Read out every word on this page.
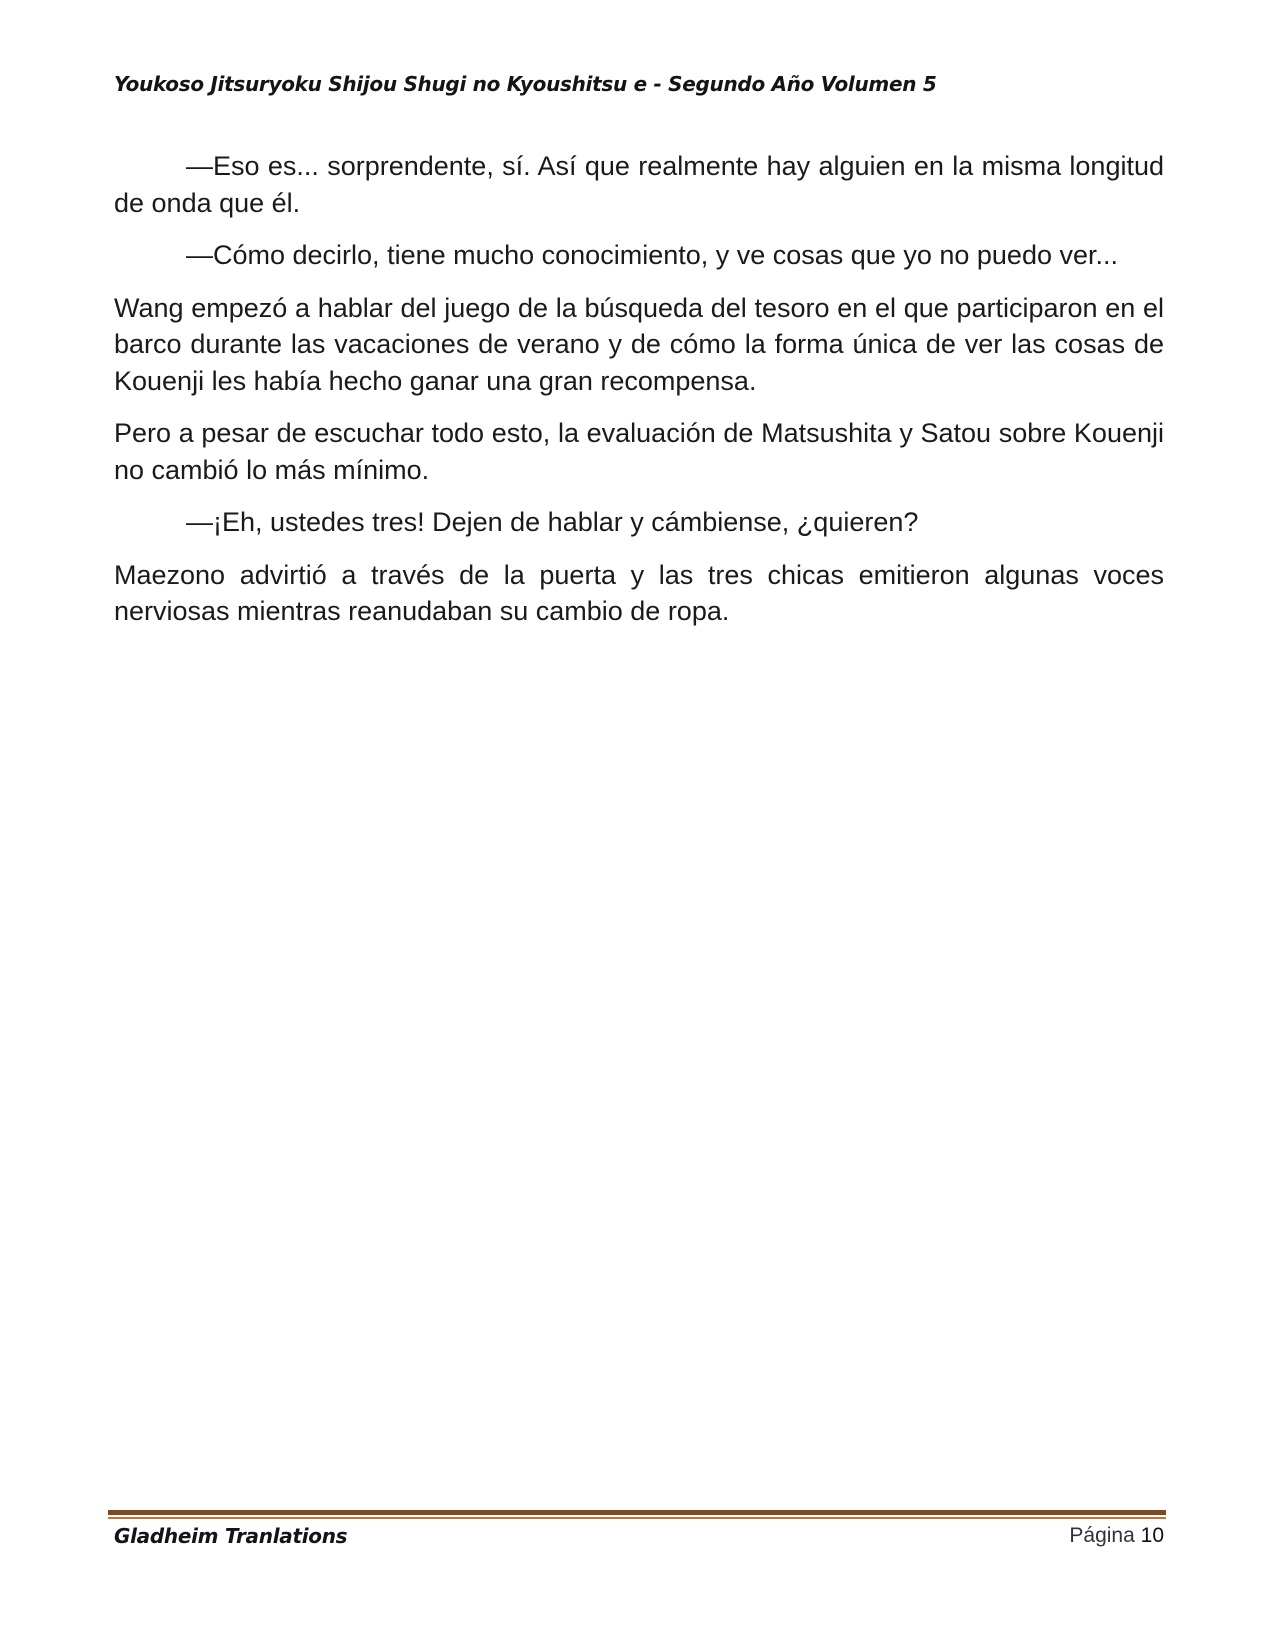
Youkoso Jitsuryoku Shijou Shugi no Kyoushitsu e - Segundo Año Volumen 5

—Eso es... sorprendente, sí. Así que realmente hay alguien en la misma longitud de onda que él.

—Cómo decirlo, tiene mucho conocimiento, y ve cosas que yo no puedo ver...

Wang empezó a hablar del juego de la búsqueda del tesoro en el que participaron en el barco durante las vacaciones de verano y de cómo la forma única de ver las cosas de Kouenji les había hecho ganar una gran recompensa.

Pero a pesar de escuchar todo esto, la evaluación de Matsushita y Satou sobre Kouenji no cambió lo más mínimo.

—¡Eh, ustedes tres! Dejen de hablar y cámbiense, ¿quieren?

Maezono advirtió a través de la puerta y las tres chicas emitieron algunas voces nerviosas mientras reanudaban su cambio de ropa.

Gladheim Tranlations	Página 10
